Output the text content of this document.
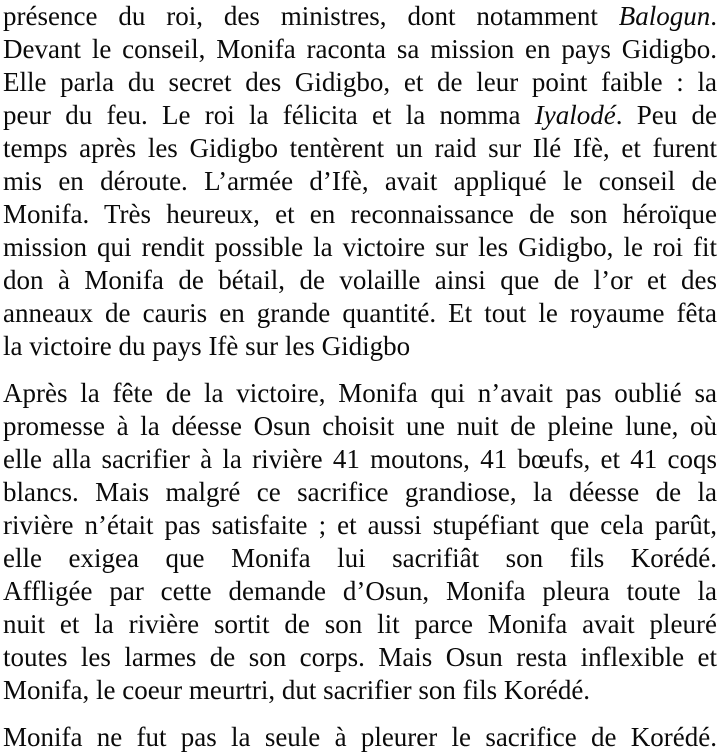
présence du roi, des ministres, dont notamment Balogun.
Devant le conseil, Monifa raconta sa mission en pays Gidigbo.
Elle parla du secret des Gidigbo, et de leur point faible : la
peur du feu. Le roi la félicita et la nomma Iyalodé. Peu de
temps après les Gidigbo tentèrent un raid sur Ilé Ifè, et furent
mis en déroute. L’armée d’Ifè, avait appliqué le conseil de
Monifa. Très heureux, et en reconnaissance de son héroïque
mission qui rendit possible la victoire sur les Gidigbo, le roi fit
don à Monifa de bétail, de volaille ainsi que de l’or et des
anneaux de cauris en grande quantité. Et tout le royaume fêta
la victoire du pays Ifè sur les Gidigbo
Après la fête de la victoire, Monifa qui n’avait pas oublié sa
promesse à la déesse Osun choisit une nuit de pleine lune, où
elle alla sacrifier à la rivière 41 moutons, 41 bœufs, et 41 coqs
blancs. Mais malgré ce sacrifice grandiose, la déesse de la
rivière n’était pas satisfaite ; et aussi stupéfiant que cela parût,
elle exigea que Monifa lui sacrifiât son fils Korédé.
Affligée par cette demande d’Osun, Monifa pleura toute la
nuit et la rivière sortit de son lit parce Monifa avait pleuré
toutes les larmes de son corps. Mais Osun resta inflexible et
Monifa, le coeur meurtri, dut sacrifier son fils Korédé.
Monifa ne fut pas la seule à pleurer le sacrifice de Korédé.
